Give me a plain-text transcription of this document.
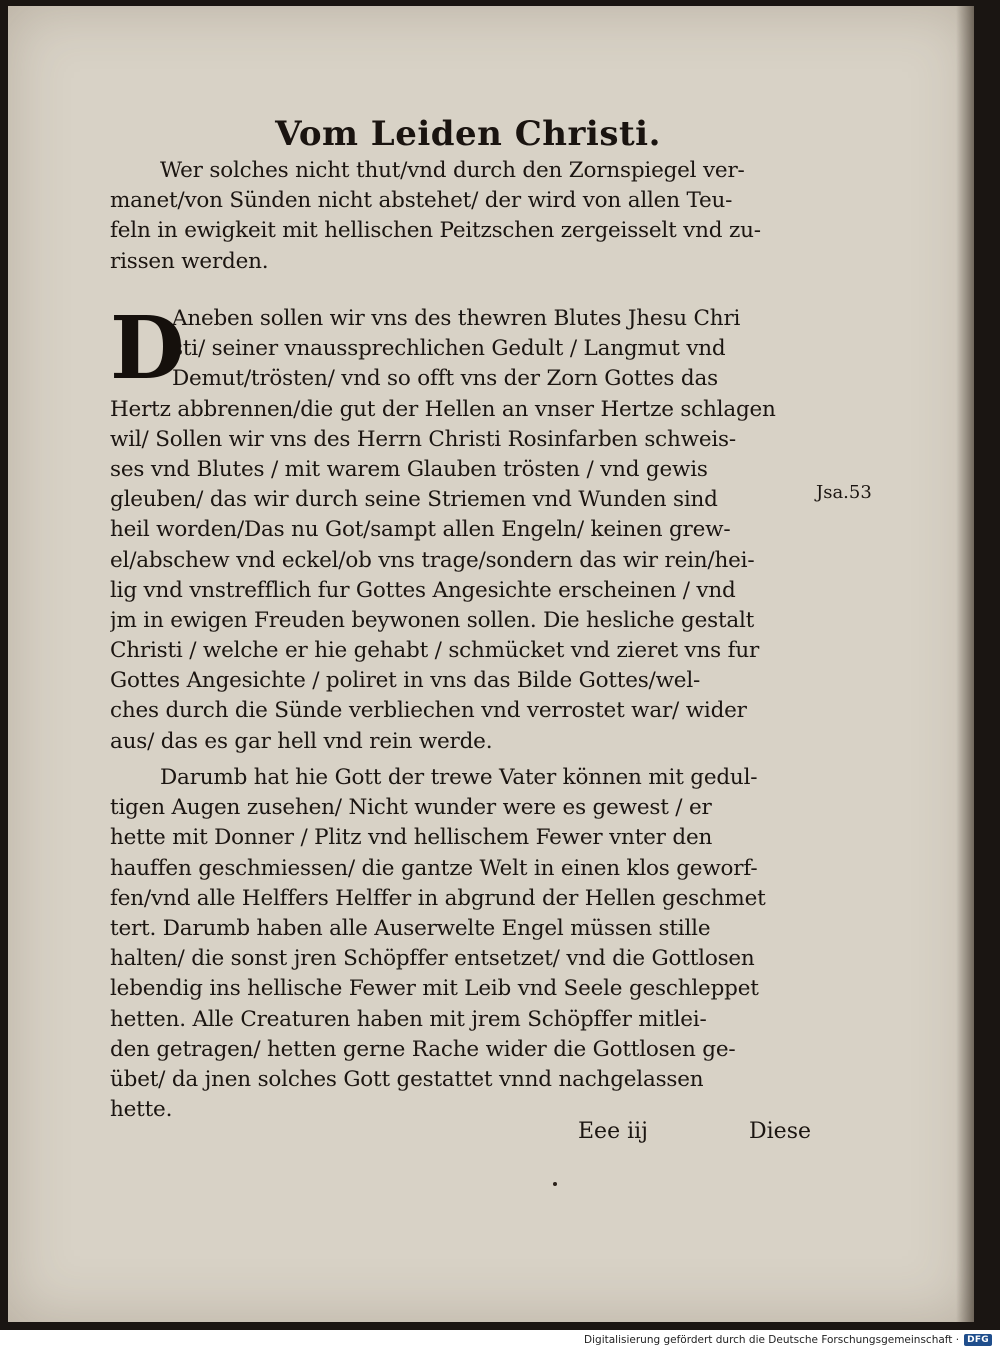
Vom Leiden Christi.
Wer solches nicht thut/vnd durch den Zornspiegel ver-
manet/von Sünden nicht abstehet/ der wird von allen Teu-
feln in ewigkeit mit hellischen Peitzschen zergeisselt vnd zu-
rissen werden.
D
Aneben sollen wir vns des thewren Blutes Jhesu Chri
sti/ seiner vnaussprechlichen Gedult / Langmut vnd
Demut/trösten/ vnd so offt vns der Zorn Gottes das
Hertz abbrennen/die gut der Hellen an vnser Hertze schlagen
wil/ Sollen wir vns des Herrn Christi Rosinfarben schweis-
ses vnd Blutes / mit warem Glauben trösten / vnd gewis
gleuben/ das wir durch seine Striemen vnd Wunden sind
heil worden/Das nu Got/sampt allen Engeln/ keinen grew-
el/abschew vnd eckel/ob vns trage/sondern das wir rein/hei-
lig vnd vnstrefflich fur Gottes Angesichte erscheinen / vnd
jm in ewigen Freuden beywonen sollen. Die hesliche gestalt
Christi / welche er hie gehabt / schmücket vnd zieret vns fur
Gottes Angesichte / poliret in vns das Bilde Gottes/wel-
ches durch die Sünde verbliechen vnd verrostet war/ wider
aus/ das es gar hell vnd rein werde.
Jsa.53
Darumb hat hie Gott der trewe Vater können mit gedul-
tigen Augen zusehen/ Nicht wunder were es gewest / er
hette mit Donner / Plitz vnd hellischem Fewer vnter den
hauffen geschmiessen/ die gantze Welt in einen klos geworf-
fen/vnd alle Helffers Helffer in abgrund der Hellen geschmet
tert. Darumb haben alle Auserwelte Engel müssen stille
halten/ die sonst jren Schöpffer entsetzet/ vnd die Gottlosen
lebendig ins hellische Fewer mit Leib vnd Seele geschleppet
hetten. Alle Creaturen haben mit jrem Schöpffer mitlei-
den getragen/ hetten gerne Rache wider die Gottlosen ge-
übet/ da jnen solches Gott gestattet vnnd nachgelassen
hette.
Eee iij	Diese
Digitalisierung gefördert durch die Deutsche Forschungsgemeinschaft · DFG
